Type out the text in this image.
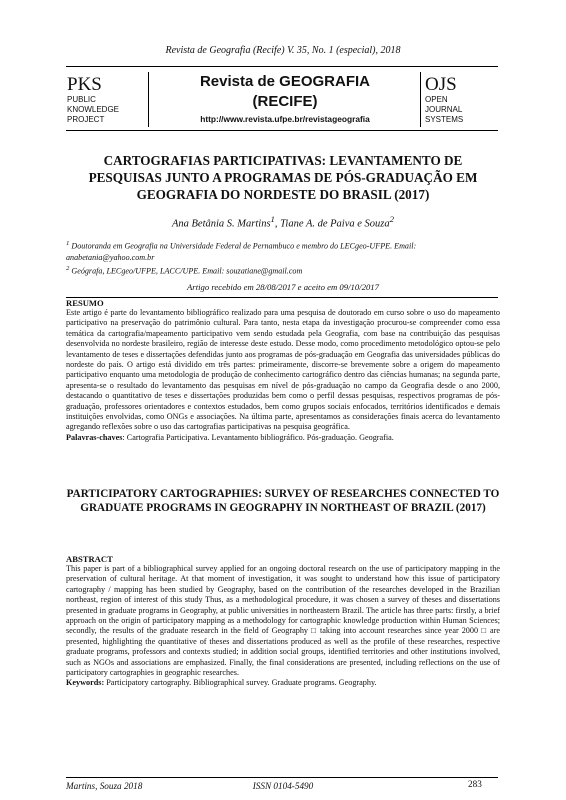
Revista de Geografia (Recife) V. 35, No. 1 (especial), 2018
PKS
PUBLIC
KNOWLEDGE
PROJECT
Revista de GEOGRAFIA
(RECIFE)
http://www.revista.ufpe.br/revistageografia
OJS
OPEN
JOURNAL
SYSTEMS
CARTOGRAFIAS PARTICIPATIVAS: LEVANTAMENTO DE PESQUISAS JUNTO A PROGRAMAS DE PÓS-GRADUAÇÃO EM GEOGRAFIA DO NORDESTE DO BRASIL (2017)
Ana Betânia S. Martins$^1$, Tiane A. de Paiva e Souza$^2$
$^1$ Doutoranda em Geografia na Universidade Federal de Pernambuco e membro do LECgeo-UFPE. Email: anabetania@yahoo.com.br
$^2$ Geógrafa, LECgeo/UFPE, LACC/UPE. Email: souzatiane@gmail.com
Artigo recebido em 28/08/2017 e aceito em 09/10/2017
RESUMO
Este artigo é parte do levantamento bibliográfico realizado para uma pesquisa de doutorado em curso sobre o uso do mapeamento participativo na preservação do patrimônio cultural. Para tanto, nesta etapa da investigação procurou-se compreender como essa temática da cartografia/mapeamento participativo vem sendo estudada pela Geografia, com base na contribuição das pesquisas desenvolvida no nordeste brasileiro, região de interesse deste estudo. Desse modo, como procedimento metodológico optou-se pelo levantamento de teses e dissertações defendidas junto aos programas de pós-graduação em Geografia das universidades públicas do nordeste do país. O artigo está dividido em três partes: primeiramente, discorre-se brevemente sobre a origem do mapeamento participativo enquanto uma metodologia de produção de conhecimento cartográfico dentro das ciências humanas; na segunda parte, apresenta-se o resultado do levantamento das pesquisas em nível de pós-graduação no campo da Geografia desde o ano 2000, destacando o quantitativo de teses e dissertações produzidas bem como o perfil dessas pesquisas, respectivos programas de pós-graduação, professores orientadores e contextos estudados, bem como grupos sociais enfocados, territórios identificados e demais instituições envolvidas, como ONGs e associações. Na última parte, apresentamos as considerações finais acerca do levantamento agregando reflexões sobre o uso das cartografias participativas na pesquisa geográfica.
Palavras-chaves: Cartografia Participativa. Levantamento bibliográfico. Pós-graduação. Geografia.
PARTICIPATORY CARTOGRAPHIES: SURVEY OF RESEARCHES CONNECTED TO GRADUATE PROGRAMS IN GEOGRAPHY IN NORTHEAST OF BRAZIL (2017)
ABSTRACT
This paper is part of a bibliographical survey applied for an ongoing doctoral research on the use of participatory mapping in the preservation of cultural heritage. At that moment of investigation, it was sought to understand how this issue of participatory cartography / mapping has been studied by Geography, based on the contribution of the researches developed in the Brazilian northeast, region of interest of this study Thus, as a methodological procedure, it was chosen a survey of theses and dissertations presented in graduate programs in Geography, at public universities in northeastern Brazil. The article has three parts: firstly, a brief approach on the origin of participatory mapping as a methodology for cartographic knowledge production within Human Sciences; secondly, the results of the graduate research in the field of Geography □ taking into account researches since year 2000 □ are presented, highlighting the quantitative of theses and dissertations produced as well as the profile of these researches, respective graduate programs, professors and contexts studied; in addition social groups, identified territories and other institutions involved, such as NGOs and associations are emphasized. Finally, the final considerations are presented, including reflections on the use of participatory cartographies in geographic researches.
Keywords: Participatory cartography. Bibliographical survey. Graduate programs. Geography.
ISSN 0104-5490
Martins, Souza 2018	283
